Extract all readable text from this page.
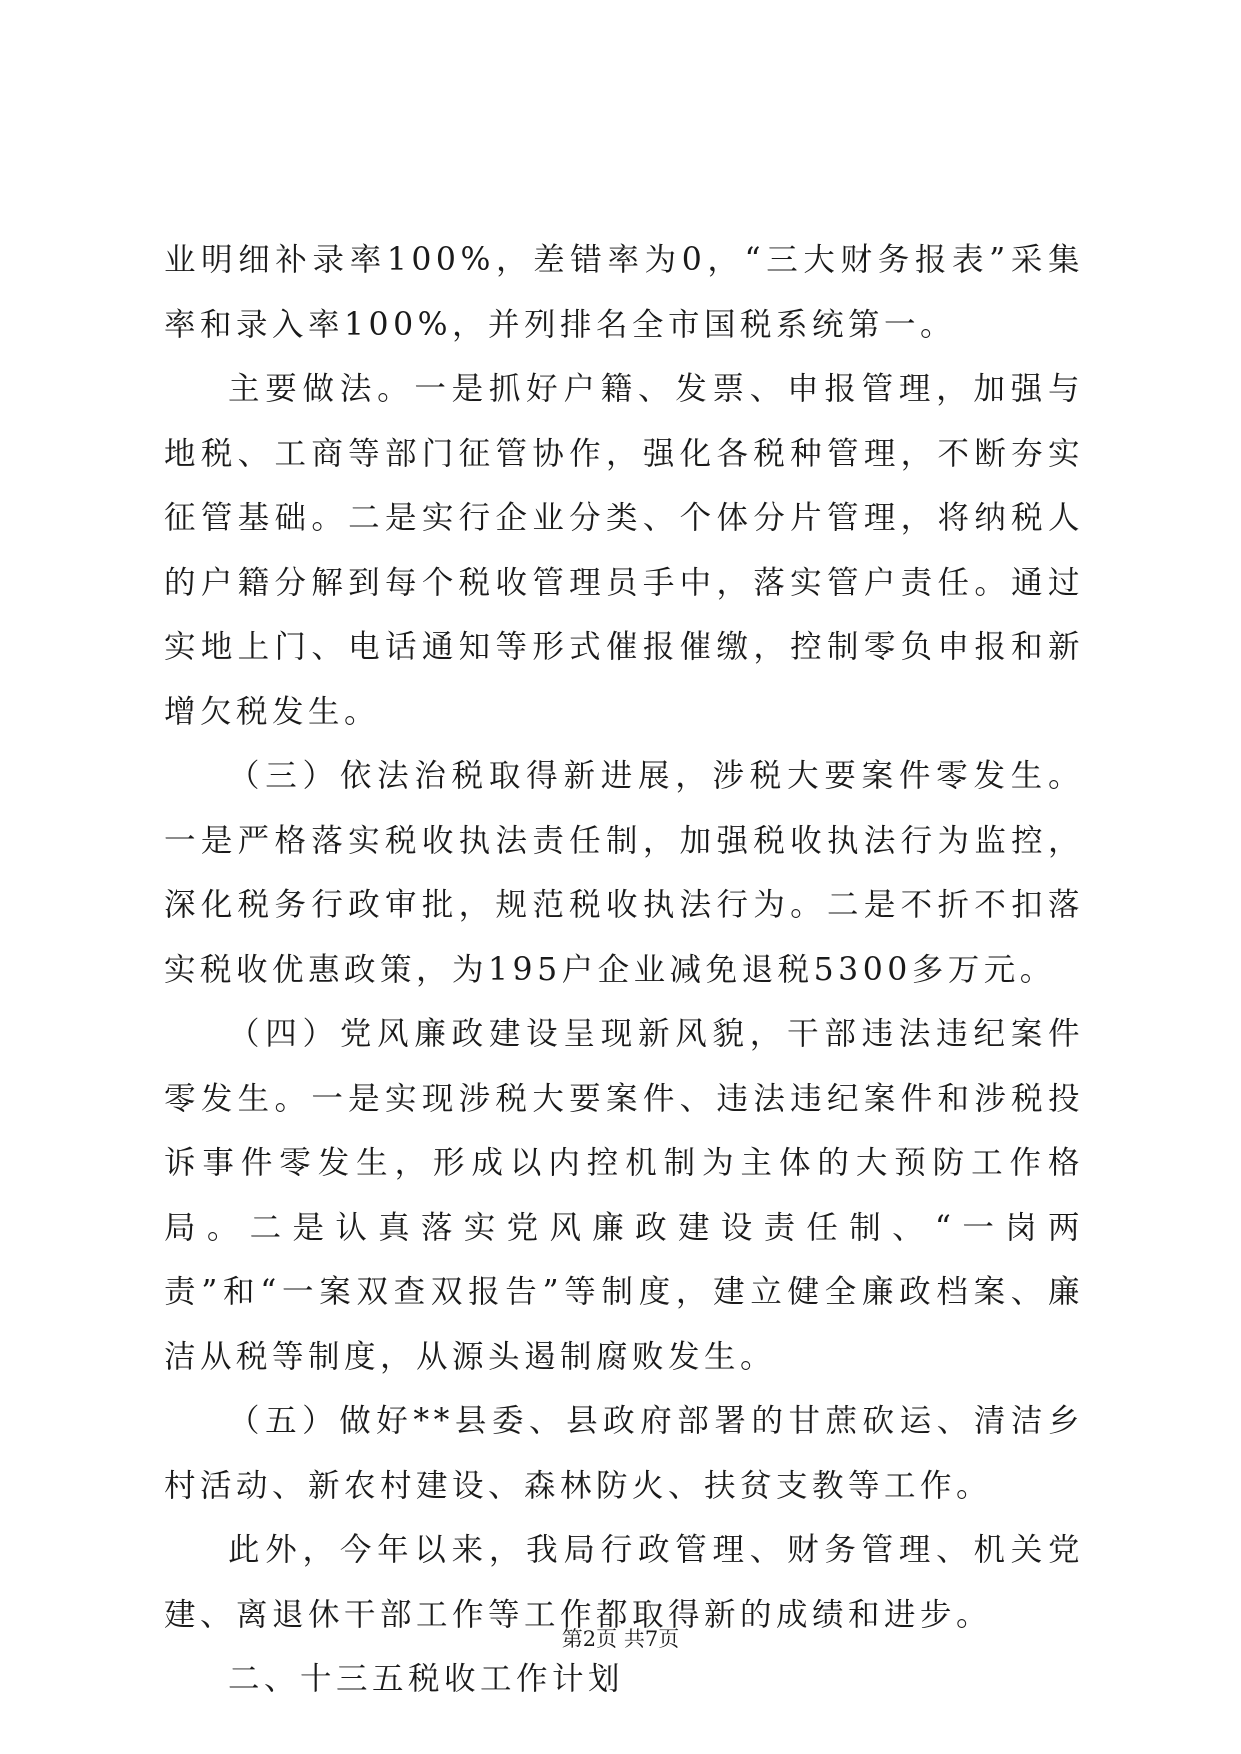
业明细补录率100%，差错率为0，“三大财务报表”采集率和录入率100%，并列排名全市国税系统第一。

主要做法。一是抓好户籍、发票、申报管理，加强与地税、工商等部门征管协作，强化各税种管理，不断夯实征管基础。二是实行企业分类、个体分片管理，将纳税人的户籍分解到每个税收管理员手中，落实管户责任。通过实地上门、电话通知等形式催报催缴，控制零负申报和新增欠税发生。

（三）依法治税取得新进展，涉税大要案件零发生。一是严格落实税收执法责任制，加强税收执法行为监控，深化税务行政审批，规范税收执法行为。二是不折不扣落实税收优惠政策，为195户企业减免退税5300多万元。

（四）党风廉政建设呈现新风貌，干部违法违纪案件零发生。一是实现涉税大要案件、违法违纪案件和涉税投诉事件零发生，形成以内控机制为主体的大预防工作格局。二是认真落实党风廉政建设责任制、“一岗两责”和“一案双查双报告”等制度，建立健全廉政档案、廉洁从税等制度，从源头遏制腐败发生。

（五）做好**县委、县政府部署的甘蔗砍运、清洁乡村活动、新农村建设、森林防火、扶贫支教等工作。

此外，今年以来，我局行政管理、财务管理、机关党建、离退休干部工作等工作都取得新的成绩和进步。

二、十三五税收工作计划

第2页 共7页
